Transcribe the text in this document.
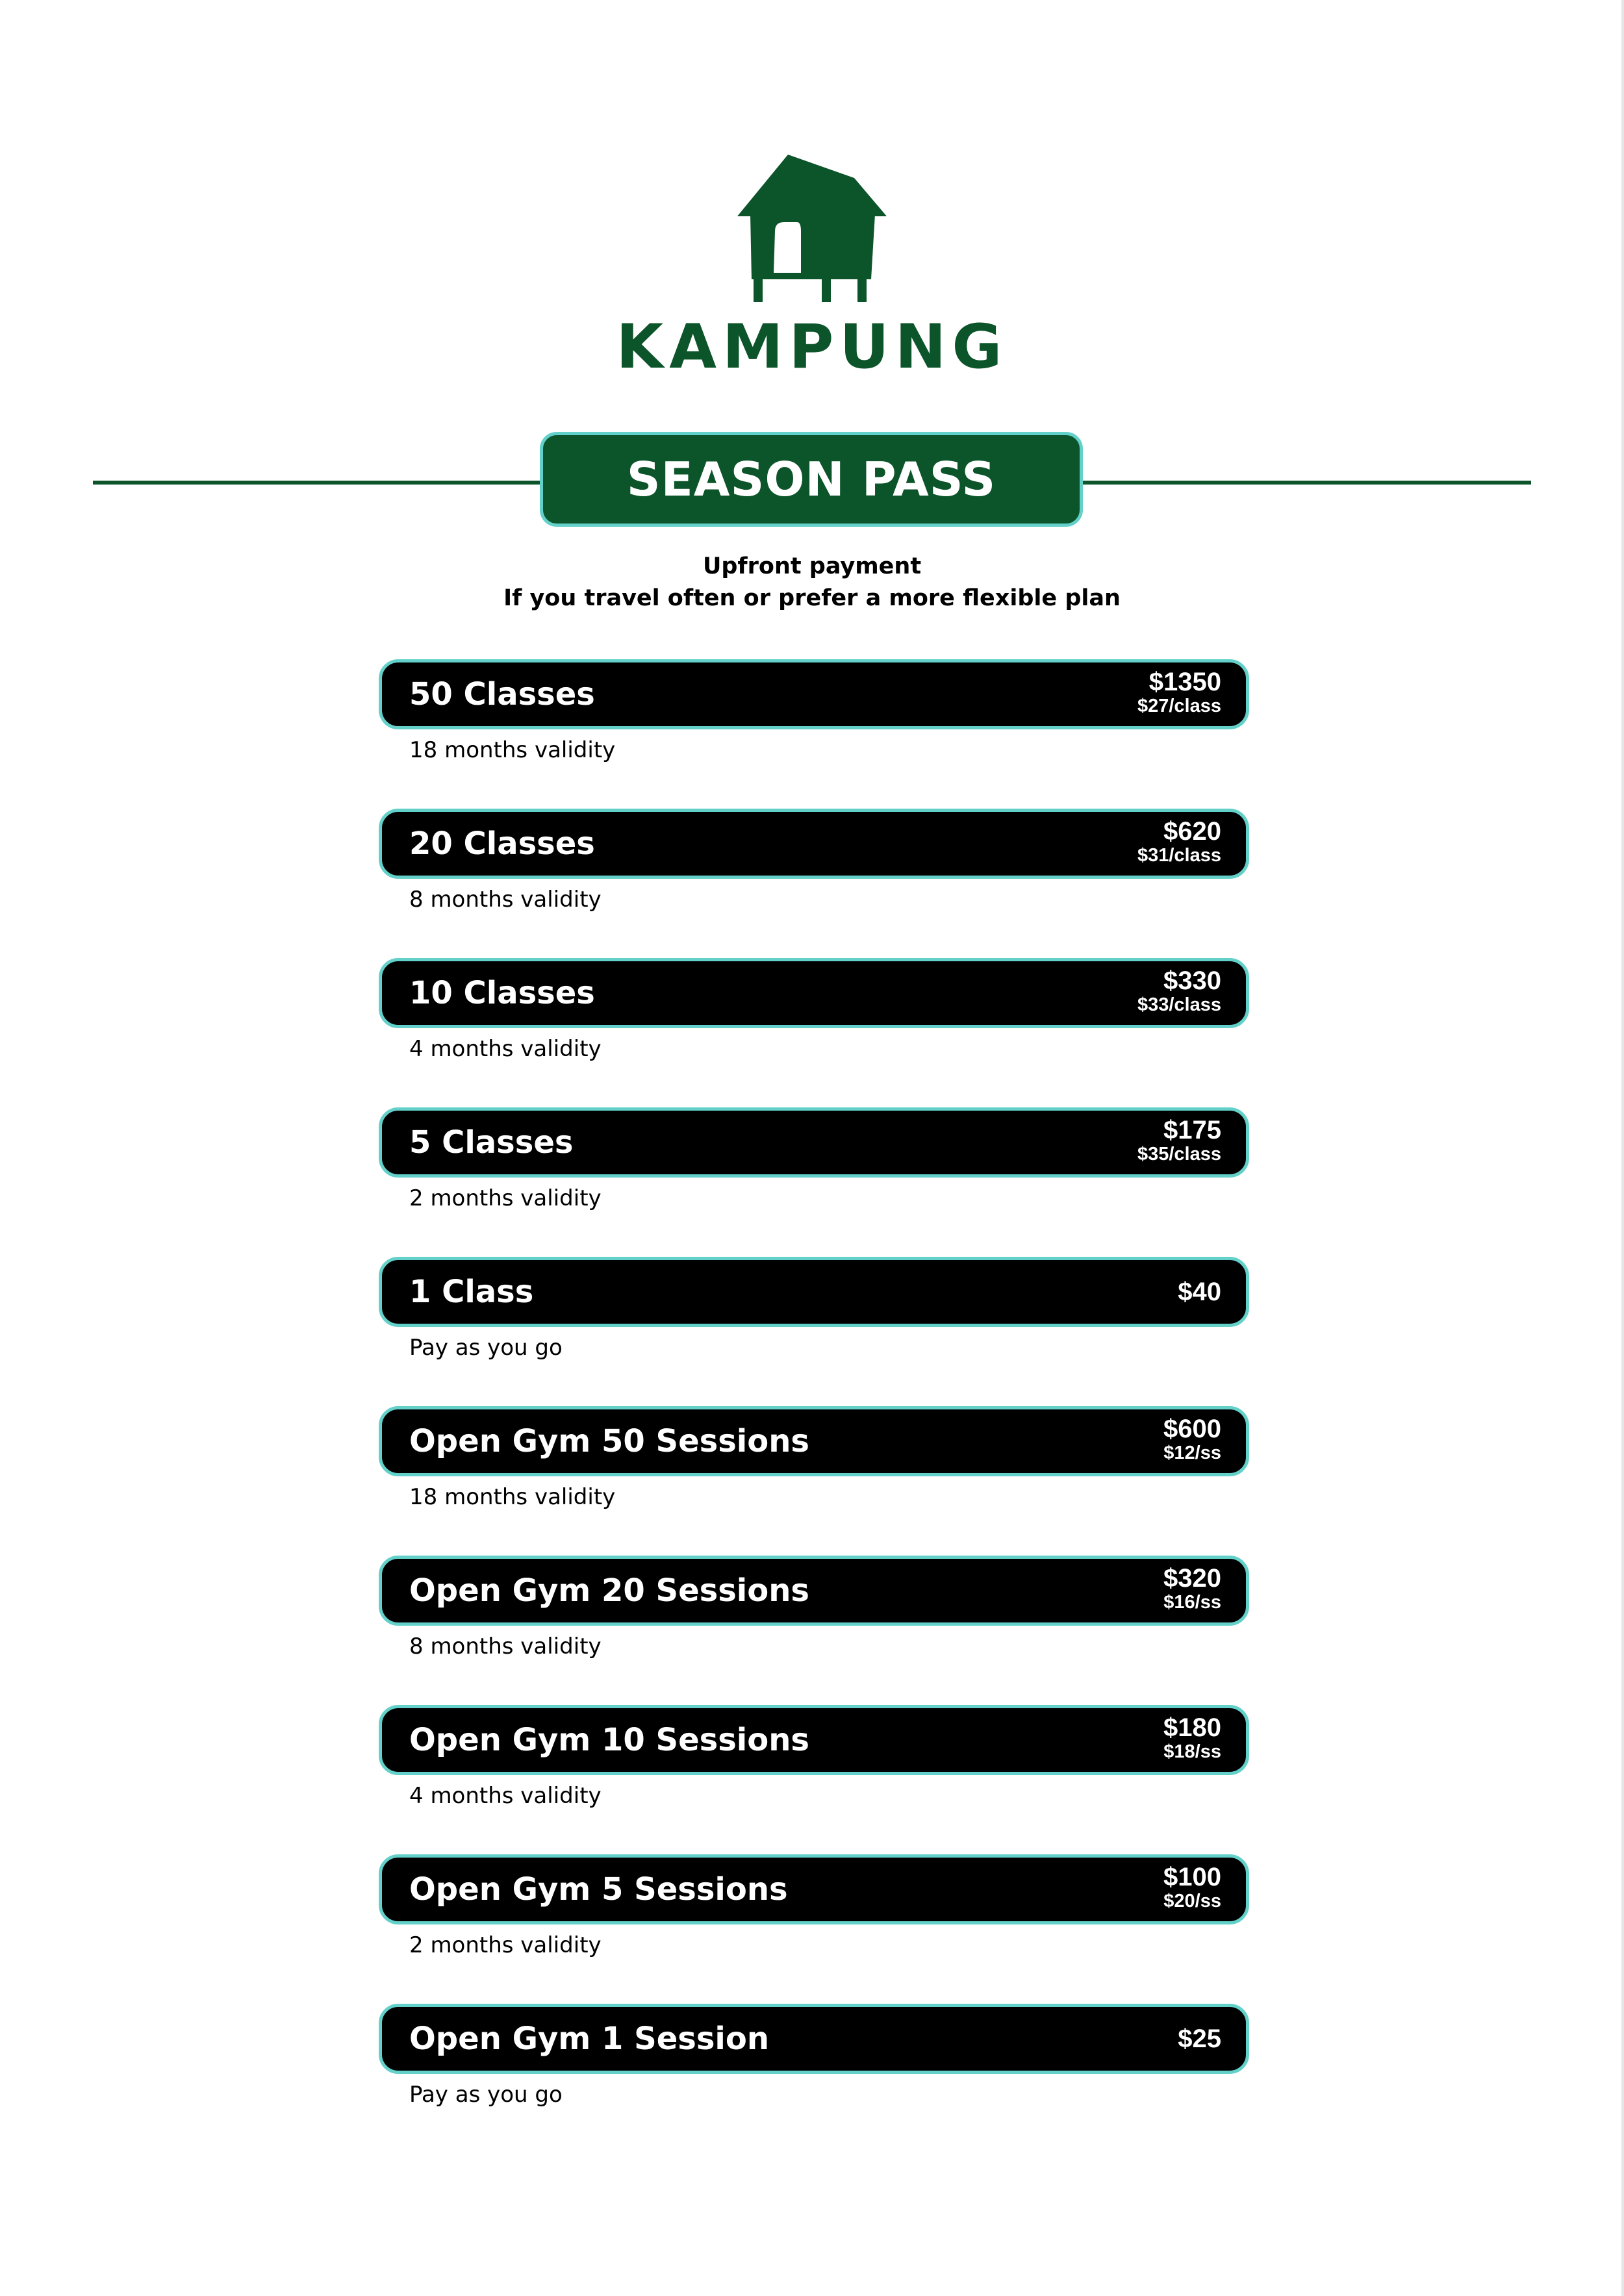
KAMPUNG
SEASON PASS
Upfront payment
If you travel often or prefer a more flexible plan
50 Classes	$1350
$27/class
18 months validity
20 Classes	$620
$31/class
8 months validity
10 Classes	$330
$33/class
4 months validity
5 Classes	$175
$35/class
2 months validity
1 Class	$40
Pay as you go
Open Gym 50 Sessions	$600
$12/ss
18 months validity
Open Gym 20 Sessions	$320
$16/ss
8 months validity
Open Gym 10 Sessions	$180
$18/ss
4 months validity
Open Gym 5 Sessions	$100
$20/ss
2 months validity
Open Gym 1 Session	$25
Pay as you go
